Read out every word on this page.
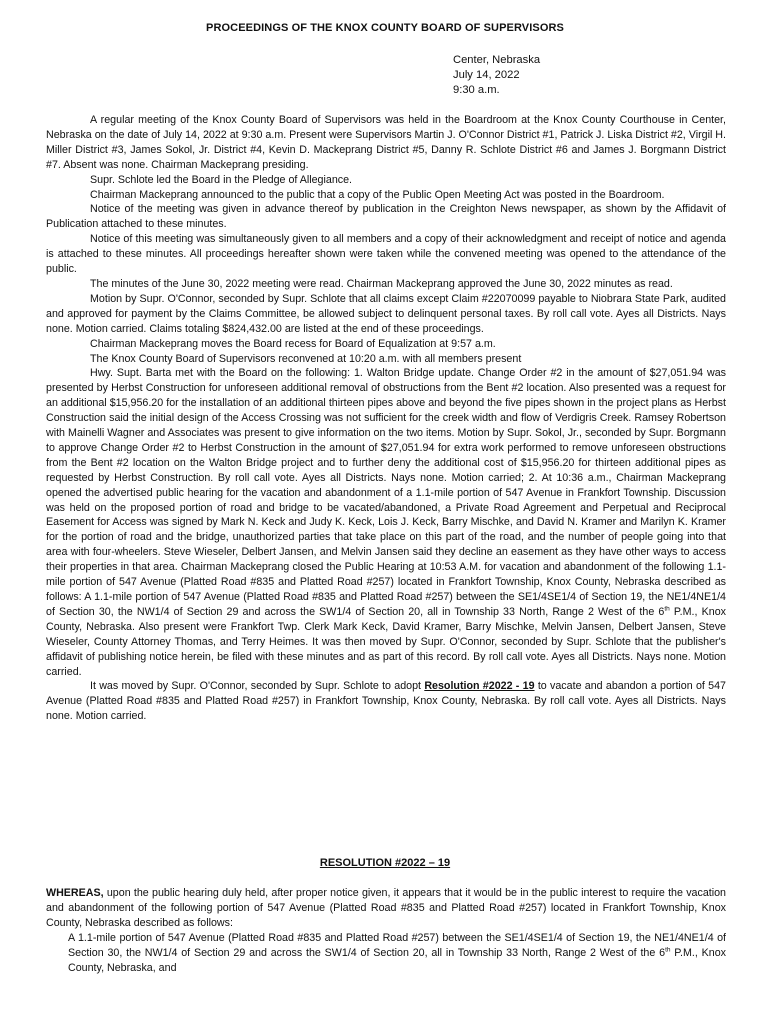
PROCEEDINGS OF THE KNOX COUNTY BOARD OF SUPERVISORS
Center, Nebraska
July 14, 2022
9:30 a.m.

A regular meeting of the Knox County Board of Supervisors was held in the Boardroom at the Knox County Courthouse in Center, Nebraska on the date of July 14, 2022 at 9:30 a.m. Present were Supervisors Martin J. O'Connor District #1, Patrick J. Liska District #2, Virgil H. Miller District #3, James Sokol, Jr. District #4, Kevin D. Mackeprang District #5, Danny R. Schlote District #6 and James J. Borgmann District #7. Absent was none. Chairman Mackeprang presiding.

Supr. Schlote led the Board in the Pledge of Allegiance.

Chairman Mackeprang announced to the public that a copy of the Public Open Meeting Act was posted in the Boardroom.

Notice of the meeting was given in advance thereof by publication in the Creighton News newspaper, as shown by the Affidavit of Publication attached to these minutes.

Notice of this meeting was simultaneously given to all members and a copy of their acknowledgment and receipt of notice and agenda is attached to these minutes. All proceedings hereafter shown were taken while the convened meeting was opened to the attendance of the public.

The minutes of the June 30, 2022 meeting were read. Chairman Mackeprang approved the June 30, 2022 minutes as read.

Motion by Supr. O'Connor, seconded by Supr. Schlote that all claims except Claim #22070099 payable to Niobrara State Park, audited and approved for payment by the Claims Committee, be allowed subject to delinquent personal taxes. By roll call vote. Ayes all Districts. Nays none. Motion carried. Claims totaling $824,432.00 are listed at the end of these proceedings.

Chairman Mackeprang moves the Board recess for Board of Equalization at 9:57 a.m.

The Knox County Board of Supervisors reconvened at 10:20 a.m. with all members present

Hwy. Supt. Barta met with the Board on the following: 1. Walton Bridge update. Change Order #2 in the amount of $27,051.94 was presented by Herbst Construction for unforeseen additional removal of obstructions from the Bent #2 location. Also presented was a request for an additional $15,956.20 for the installation of an additional thirteen pipes above and beyond the five pipes shown in the project plans as Herbst Construction said the initial design of the Access Crossing was not sufficient for the creek width and flow of Verdigris Creek. Ramsey Robertson with Mainelli Wagner and Associates was present to give information on the two items. Motion by Supr. Sokol, Jr., seconded by Supr. Borgmann to approve Change Order #2 to Herbst Construction in the amount of $27,051.94 for extra work performed to remove unforeseen obstructions from the Bent #2 location on the Walton Bridge project and to further deny the additional cost of $15,956.20 for thirteen additional pipes as requested by Herbst Construction. By roll call vote. Ayes all Districts. Nays none. Motion carried; 2. At 10:36 a.m., Chairman Mackeprang opened the advertised public hearing for the vacation and abandonment of a 1.1-mile portion of 547 Avenue in Frankfort Township. Discussion was held on the proposed portion of road and bridge to be vacated/abandoned, a Private Road Agreement and Perpetual and Reciprocal Easement for Access was signed by Mark N. Keck and Judy K. Keck, Lois J. Keck, Barry Mischke, and David N. Kramer and Marilyn K. Kramer for the portion of road and the bridge, unauthorized parties that take place on this part of the road, and the number of people going into that area with four-wheelers. Steve Wieseler, Delbert Jansen, and Melvin Jansen said they decline an easement as they have other ways to access their properties in that area. Chairman Mackeprang closed the Public Hearing at 10:53 A.M. for vacation and abandonment of the following 1.1-mile portion of 547 Avenue (Platted Road #835 and Platted Road #257) located in Frankfort Township, Knox County, Nebraska described as follows: A 1.1-mile portion of 547 Avenue (Platted Road #835 and Platted Road #257) between the SE1/4SE1/4 of Section 19, the NE1/4NE1/4 of Section 30, the NW1/4 of Section 29 and across the SW1/4 of Section 20, all in Township 33 North, Range 2 West of the 6th P.M., Knox County, Nebraska. Also present were Frankfort Twp. Clerk Mark Keck, David Kramer, Barry Mischke, Melvin Jansen, Delbert Jansen, Steve Wieseler, County Attorney Thomas, and Terry Heimes. It was then moved by Supr. O'Connor, seconded by Supr. Schlote that the publisher's affidavit of publishing notice herein, be filed with these minutes and as part of this record. By roll call vote. Ayes all Districts. Nays none. Motion carried.

It was moved by Supr. O'Connor, seconded by Supr. Schlote to adopt Resolution #2022 - 19 to vacate and abandon a portion of 547 Avenue (Platted Road #835 and Platted Road #257) in Frankfort Township, Knox County, Nebraska. By roll call vote. Ayes all Districts. Nays none. Motion carried.

RESOLUTION #2022 – 19

WHEREAS, upon the public hearing duly held, after proper notice given, it appears that it would be in the public interest to require the vacation and abandonment of the following portion of 547 Avenue (Platted Road #835 and Platted Road #257) located in Frankfort Township, Knox County, Nebraska described as follows:

A 1.1-mile portion of 547 Avenue (Platted Road #835 and Platted Road #257) between the SE1/4SE1/4 of Section 19, the NE1/4NE1/4 of Section 30, the NW1/4 of Section 29 and across the SW1/4 of Section 20, all in Township 33 North, Range 2 West of the 6th P.M., Knox County, Nebraska, and
